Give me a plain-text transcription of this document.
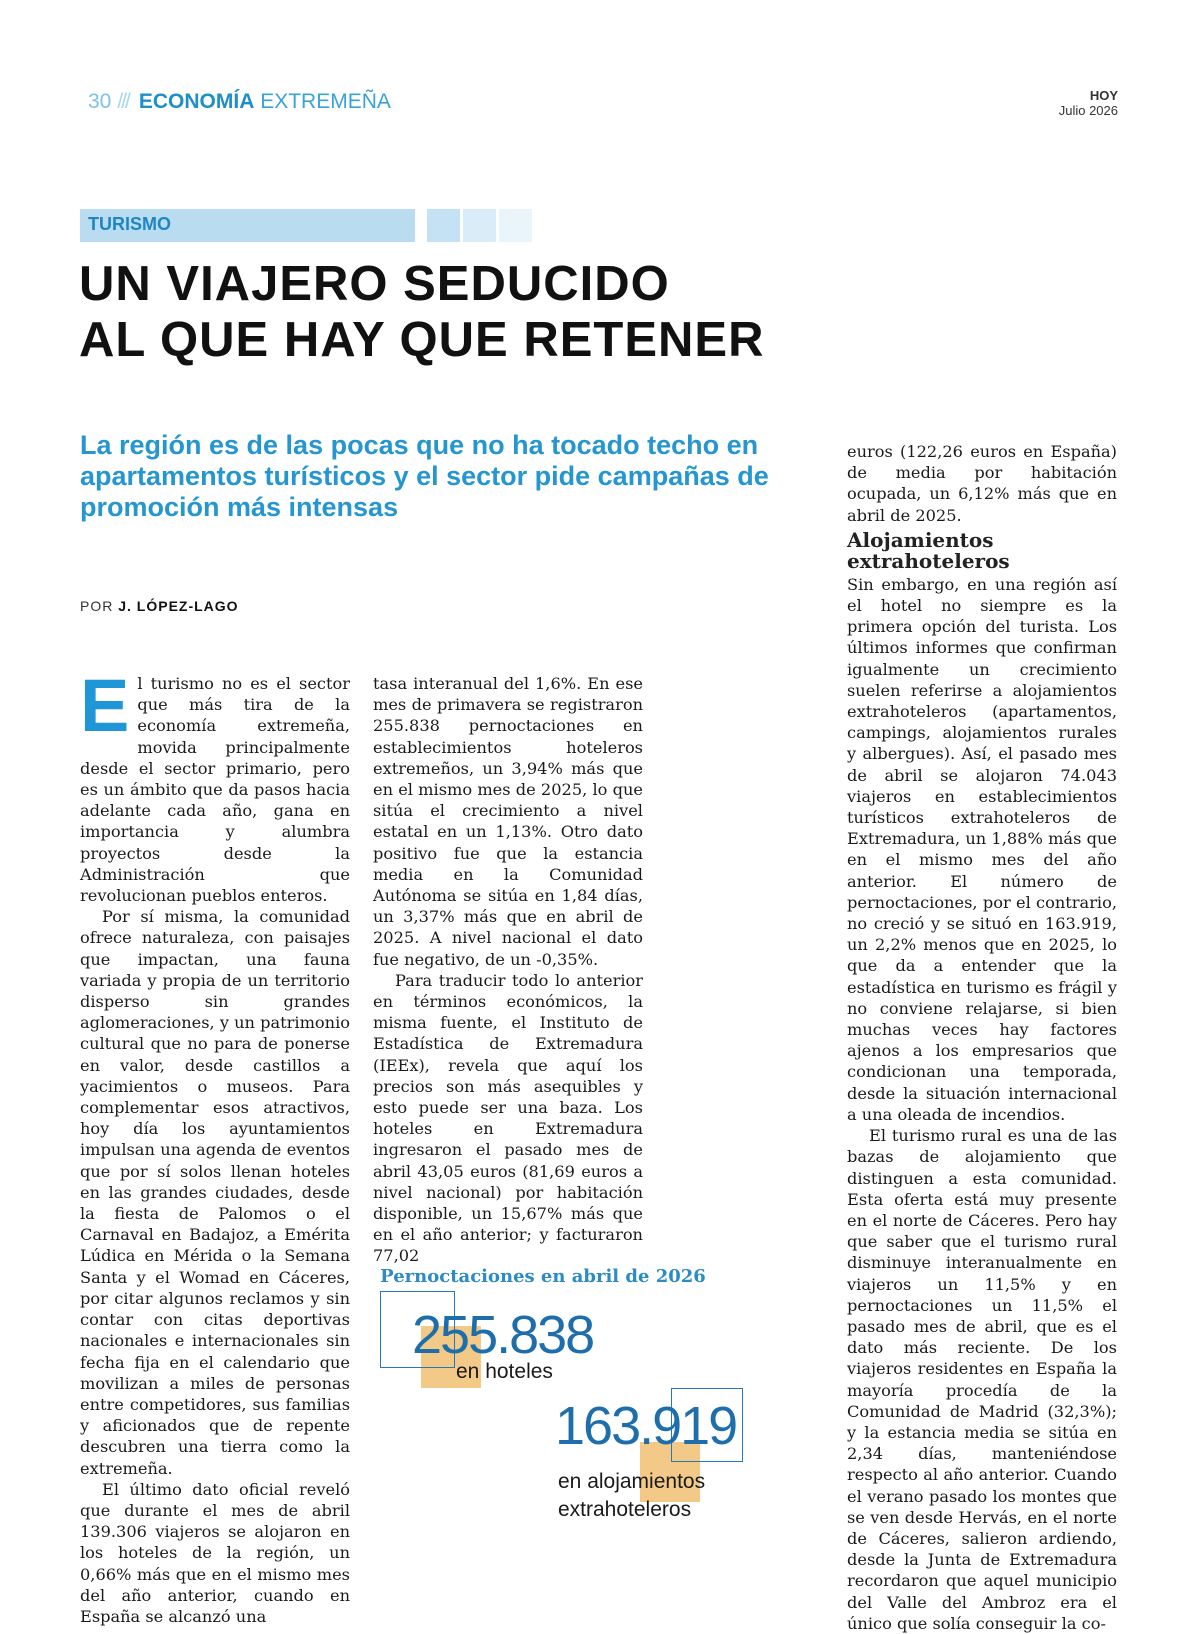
30 /// ECONOMÍA EXTREMEÑA	HOY
Julio 2026
TURISMO
UN VIAJERO SEDUCIDO
AL QUE HAY QUE RETENER
La región es de las pocas que no ha tocado techo en apartamentos turísticos y el sector pide campañas de promoción más intensas
POR J. LÓPEZ-LAGO

El turismo no es el sector que más tira de la economía extremeña, movida principalmente desde el sector primario, pero es un ámbito que da pasos hacia adelante cada año, gana en importancia y alumbra proyectos desde la Administración que revolucionan pueblos enteros.

Por sí misma, la comunidad ofrece naturaleza, con paisajes que impactan, una fauna variada y propia de un territorio disperso sin grandes aglomeraciones, y un patrimonio cultural que no para de ponerse en valor, desde castillos a yacimientos o museos. Para complementar esos atractivos, hoy día los ayuntamientos impulsan una agenda de eventos que por sí solos llenan hoteles en las grandes ciudades, desde la fiesta de Palomos o el Carnaval en Badajoz, a Emérita Lúdica en Mérida o la Semana Santa y el Womad en Cáceres, por citar algunos reclamos y sin contar con citas deportivas nacionales e internacionales sin fecha fija en el calendario que movilizan a miles de personas entre competidores, sus familias y aficionados que de repente descubren una tierra como la extremeña.

El último dato oficial reveló que durante el mes de abril 139.306 viajeros se alojaron en los hoteles de la región, un 0,66% más que en el mismo mes del año anterior, cuando en España se alcanzó una

tasa interanual del 1,6%. En ese mes de primavera se registraron 255.838 pernoctaciones en establecimientos hoteleros extremeños, un 3,94% más que en el mismo mes de 2025, lo que sitúa el crecimiento a nivel estatal en un 1,13%. Otro dato positivo fue que la estancia media en la Comunidad Autónoma se sitúa en 1,84 días, un 3,37% más que en abril de 2025. A nivel nacional el dato fue negativo, de un -0,35%.

Para traducir todo lo anterior en términos económicos, la misma fuente, el Instituto de Estadística de Extremadura (IEEx), revela que aquí los precios son más asequibles y esto puede ser una baza. Los hoteles en Extremadura ingresaron el pasado mes de abril 43,05 euros (81,69 euros a nivel nacional) por habitación disponible, un 15,67% más que en el año anterior; y facturaron 77,02

euros (122,26 euros en España) de media por habitación ocupada, un 6,12% más que en abril de 2025.

Alojamientos
extrahoteleros

Sin embargo, en una región así el hotel no siempre es la primera opción del turista. Los últimos informes que confirman igualmente un crecimiento suelen referirse a alojamientos extrahoteleros (apartamentos, campings, alojamientos rurales y albergues). Así, el pasado mes de abril se alojaron 74.043 viajeros en establecimientos turísticos extrahoteleros de Extremadura, un 1,88% más que en el mismo mes del año anterior. El número de pernoctaciones, por el contrario, no creció y se situó en 163.919, un 2,2% menos que en 2025, lo que da a entender que la estadística en turismo es frágil y no conviene relajarse, si bien muchas veces hay factores ajenos a los empresarios que condicionan una temporada, desde la situación internacional a una oleada de incendios.

El turismo rural es una de las bazas de alojamiento que distinguen a esta comunidad. Esta oferta está muy presente en el norte de Cáceres. Pero hay que saber que el turismo rural disminuye interanualmente en viajeros un 11,5% y en pernoctaciones un 11,5% el pasado mes de abril, que es el dato más reciente. De los viajeros residentes en España la mayoría procedía de la Comunidad de Madrid (32,3%); y la estancia media se sitúa en 2,34 días, manteniéndose respecto al año anterior. Cuando el verano pasado los montes que se ven desde Hervás, en el norte de Cáceres, salieron ardiendo, desde la Junta de Extremadura recordaron que aquel municipio del Valle del Ambroz era el único que solía conseguir la co-

Pernoctaciones en abril de 2026
255.838
en hoteles
163.919
en alojamientos
extrahoteleros
